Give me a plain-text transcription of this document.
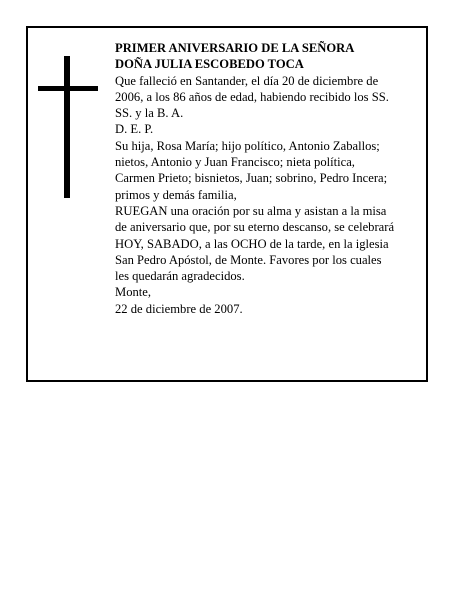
PRIMER ANIVERSARIO DE LA SEÑORA
DOÑA JULIA ESCOBEDO TOCA
Que falleció en Santander, el día 20 de diciembre de
2006, a los 86 años de edad, habiendo recibido los SS.
SS. y la B. A.
D. E. P.
Su hija, Rosa María; hijo político, Antonio Zaballos;
nietos, Antonio y Juan Francisco; nieta política,
Carmen Prieto; bisnietos, Juan; sobrino, Pedro Incera;
primos y demás familia,
RUEGAN una oración por su alma y asistan a la misa
de aniversario que, por su eterno descanso, se celebrará
HOY, SABADO, a las OCHO de la tarde, en la iglesia
San Pedro Apóstol, de Monte. Favores por los cuales
les quedarán agradecidos.
Monte,
22 de diciembre de 2007.
